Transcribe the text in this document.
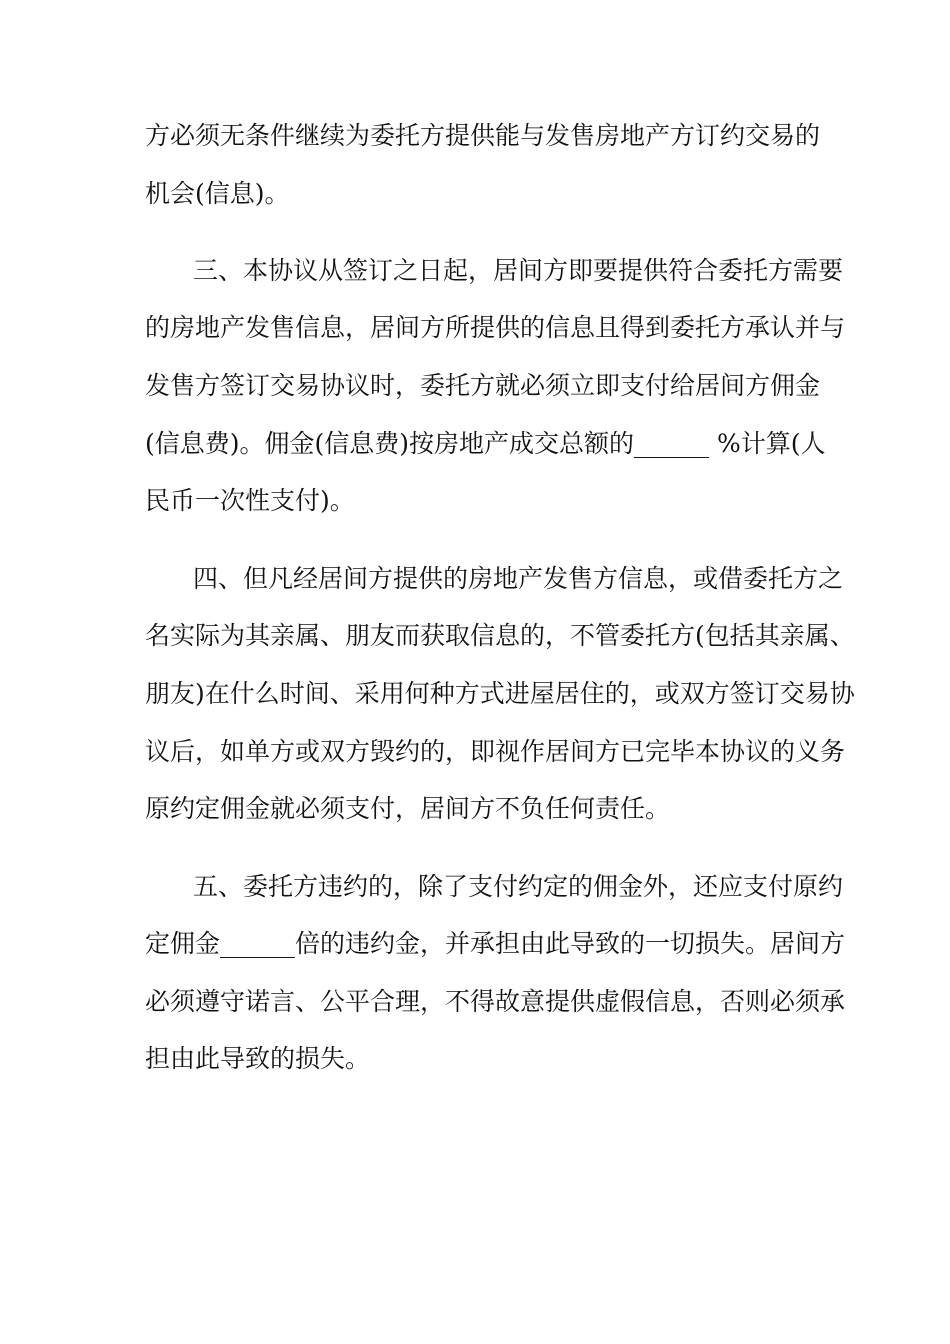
方必须无条件继续为委托方提供能与发售房地产方订约交易的
机会(信息)。
三、本协议从签订之日起，居间方即要提供符合委托方需要
的房地产发售信息，居间方所提供的信息且得到委托方承认并与
发售方签订交易协议时，委托方就必须立即支付给居间方佣金
(信息费)。佣金(信息费)按房地产成交总额的______ %计算(人
民币一次性支付)。
四、但凡经居间方提供的房地产发售方信息，或借委托方之
名实际为其亲属、朋友而获取信息的，不管委托方(包括其亲属、
朋友)在什么时间、采用何种方式进屋居住的，或双方签订交易协
议后，如单方或双方毁约的，即视作居间方已完毕本协议的义务
原约定佣金就必须支付，居间方不负任何责任。
五、委托方违约的，除了支付约定的佣金外，还应支付原约
定佣金______倍的违约金，并承担由此导致的一切损失。居间方
必须遵守诺言、公平合理，不得故意提供虚假信息，否则必须承
担由此导致的损失。
